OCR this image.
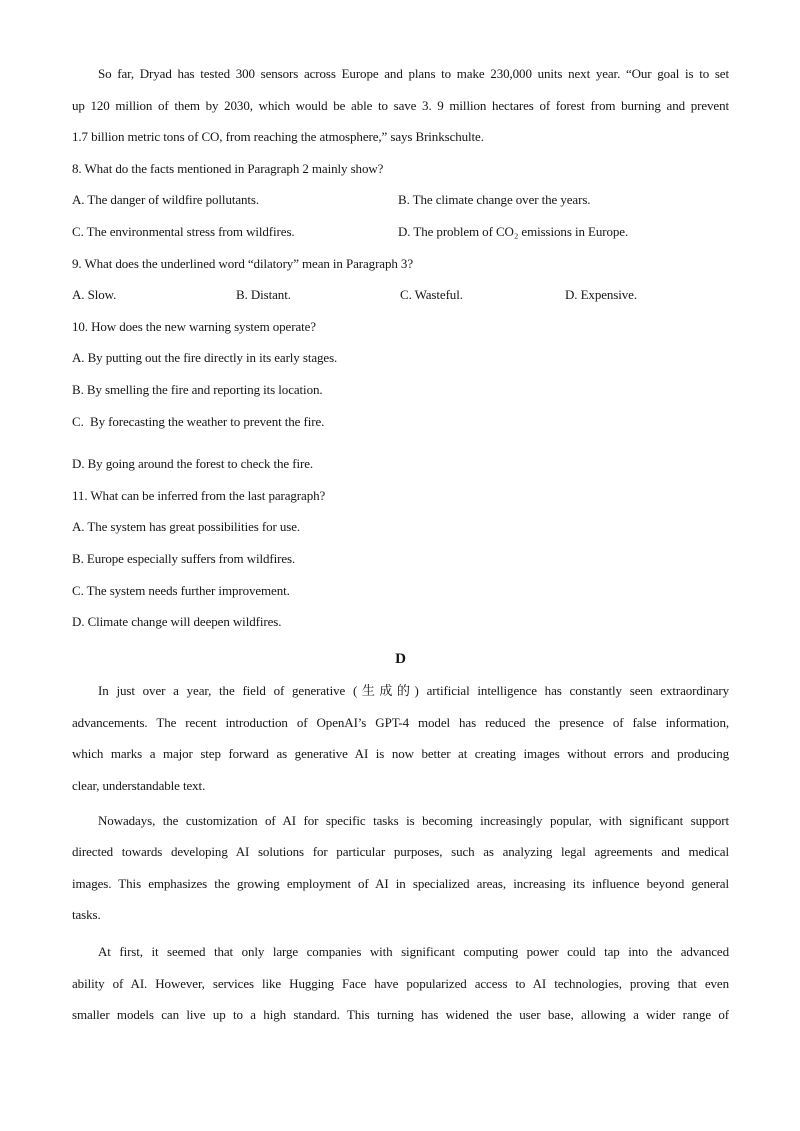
So far, Dryad has tested 300 sensors across Europe and plans to make 230,000 units next year. “Our goal is to set
up 120 million of them by 2030, which would be able to save 3. 9 million hectares of forest from burning and prevent
1.7 billion metric tons of CO, from reaching the atmosphere,” says Brinkschulte.
8. What do the facts mentioned in Paragraph 2 mainly show?
A. The danger of wildfire pollutants.	B. The climate change over the years.
C. The environmental stress from wildfires.	D. The problem of CO₂ emissions in Europe.
9. What does the underlined word “dilatory” mean in Paragraph 3?
A. Slow.	B. Distant.	C. Wasteful.	D. Expensive.
10. How does the new warning system operate?
A. By putting out the fire directly in its early stages.
B. By smelling the fire and reporting its location.
C.  By forecasting the weather to prevent the fire.
D. By going around the forest to check the fire.
11. What can be inferred from the last paragraph?
A. The system has great possibilities for use.
B. Europe especially suffers from wildfires.
C. The system needs further improvement.
D. Climate change will deepen wildfires.
D
In just over a year, the field of generative (生成的) artificial intelligence has constantly seen extraordinary
advancements. The recent introduction of OpenAI’s GPT-4 model has reduced the presence of false information,
which marks a major step forward as generative AI is now better at creating images without errors and producing
clear, understandable text.
Nowadays, the customization of AI for specific tasks is becoming increasingly popular, with significant support
directed towards developing AI solutions for particular purposes, such as analyzing legal agreements and medical
images. This emphasizes the growing employment of AI in specialized areas, increasing its influence beyond general
tasks.
At first, it seemed that only large companies with significant computing power could tap into the advanced
ability of AI. However, services like Hugging Face have popularized access to AI technologies, proving that even
smaller models can live up to a high standard. This turning has widened the user base, allowing a wider range of
